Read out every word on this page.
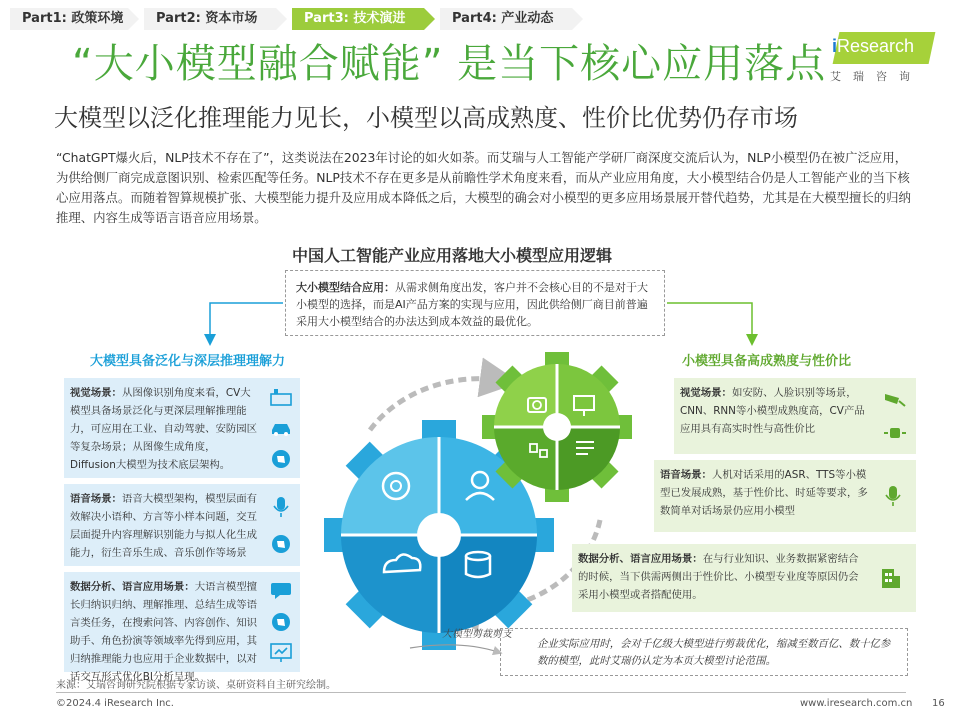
Part1: 政策环境	Part2: 资本市场	Part3: 技术演进	Part4: 产业动态
iResearch
艾瑞咨询
“大小模型融合赋能” 是当下核心应用落点
大模型以泛化推理能力见长，小模型以高成熟度、性价比优势仍存市场
“ChatGPT爆火后，NLP技术不存在了”，这类说法在2023年讨论的如火如荼。而艾瑞与人工智能产学研厂商深度交流后认为，NLP小模型仍在被广泛应用，为供给侧厂商完成意图识别、检索匹配等任务。NLP技术不存在更多是从前瞻性学术角度来看，而从产业应用角度，大小模型结合仍是人工智能产业的当下核心应用落点。而随着智算规模扩张、大模型能力提升及应用成本降低之后，大模型的确会对小模型的更多应用场景展开替代趋势，尤其是在大模型擅长的归纳推理、内容生成等语言语音应用场景。
中国人工智能产业应用落地大小模型应用逻辑
大小模型结合应用：从需求侧角度出发，客户并不会核心目的不是对于大小模型的选择，而是AI产品方案的实现与应用，因此供给侧厂商目前普遍采用大小模型结合的办法达到成本效益的最优化。
大模型具备泛化与深层推理理解力	小模型具备高成熟度与性价比
视觉场景：从图像识别角度来看，CV大模型具备场景泛化与更深层理解推理能力，可应用在工业、自动驾驶、安防园区等复杂场景；从图像生成角度，Diffusion大模型为技术底层架构。
语音场景：语音大模型架构，模型层面有效解决小语种、方言等小样本问题，交互层面提升内容理解识别能力与拟人化生成能力，衍生音乐生成、音乐创作等场景
数据分析、语言应用场景：大语言模型擅长归纳识归纳、理解推理、总结生成等语言类任务，在搜索问答、内容创作、知识助手、角色扮演等领域率先得到应用，其归纳推理能力也应用于企业数据中，以对话交互形式优化BI分析呈现。
视觉场景：如安防、人脸识别等场景，CNN、RNN等小模型成熟度高，CV产品应用具有高实时性与高性价比
语音场景：人机对话采用的ASR、TTS等小模型已发展成熟，基于性价比、时延等要求，多数简单对话场景仍应用小模型
数据分析、语言应用场景：在与行业知识、业务数据紧密结合的时候，当下供需两侧出于性价比、小模型专业度等原因仍会采用小模型或者搭配使用。
大模型剪裁剪支
企业实际应用时，会对千亿级大模型进行剪裁优化，缩减至数百亿、数十亿参数的模型，此时艾瑞仍认定为本页大模型讨论范围。
来源：艾瑞咨询研究院根据专家访谈、桌研资料自主研究绘制。
©2024.4 iResearch Inc.	www.iresearch.com.cn 16
